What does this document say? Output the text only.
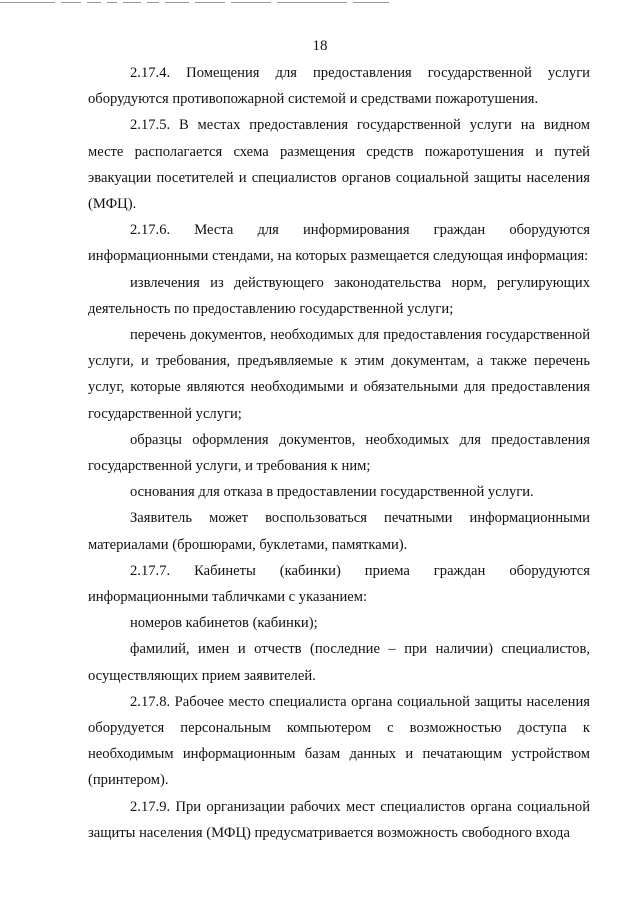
18

2.17.4. Помещения для предоставления государственной услуги оборудуются противопожарной системой и средствами пожаротушения.

2.17.5. В местах предоставления государственной услуги на видном месте располагается схема размещения средств пожаротушения и путей эвакуации посетителей и специалистов органов социальной защиты населения (МФЦ).

2.17.6. Места для информирования граждан оборудуются информационными стендами, на которых размещается следующая информация:

извлечения из действующего законодательства норм, регулирующих деятельность по предоставлению государственной услуги;

перечень документов, необходимых для предоставления государственной услуги, и требования, предъявляемые к этим документам, а также перечень услуг, которые являются необходимыми и обязательными для предоставления государственной услуги;

образцы оформления документов, необходимых для предоставления государственной услуги, и требования к ним;

основания для отказа в предоставлении государственной услуги.

Заявитель может воспользоваться печатными информационными материалами (брошюрами, буклетами, памятками).

2.17.7. Кабинеты (кабинки) приема граждан оборудуются информационными табличками с указанием:

номеров кабинетов (кабинки);

фамилий, имен и отчеств (последние – при наличии) специалистов, осуществляющих прием заявителей.

2.17.8. Рабочее место специалиста органа социальной защиты населения оборудуется персональным компьютером с возможностью доступа к необходимым информационным базам данных и печатающим устройством (принтером).

2.17.9. При организации рабочих мест специалистов органа социальной защиты населения (МФЦ) предусматривается возможность свободного входа
